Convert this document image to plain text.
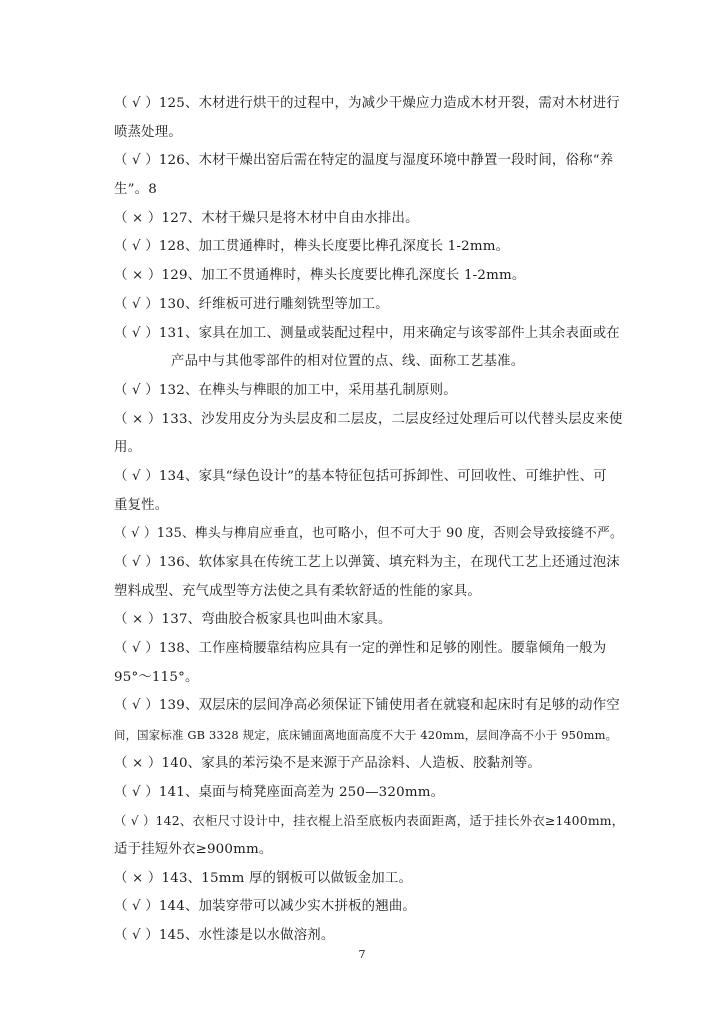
（ √ ）125、木材进行烘干的过程中，为减少干燥应力造成木材开裂，需对木材进行
喷蒸处理。
（ √ ）126、木材干燥出窑后需在特定的温度与湿度环境中静置一段时间，俗称“养
生”。8
（ × ）127、木材干燥只是将木材中自由水排出。
（ √ ）128、加工贯通榫时，榫头长度要比榫孔深度长 1-2mm。
（ × ）129、加工不贯通榫时，榫头长度要比榫孔深度长 1-2mm。
（ √ ）130、纤维板可进行雕刻铣型等加工。
（ √ ）131、家具在加工、测量或装配过程中，用来确定与该零部件上其余表面或在
产品中与其他零部件的相对位置的点、线、面称工艺基准。
（ √ ）132、在榫头与榫眼的加工中，采用基孔制原则。
（ × ）133、沙发用皮分为头层皮和二层皮，二层皮经过处理后可以代替头层皮来使
用。
（ √ ）134、家具“绿色设计”的基本特征包括可拆卸性、可回收性、可维护性、可
重复性。
（ √ ）135、榫头与榫肩应垂直，也可略小，但不可大于 90 度，否则会导致接缝不严。
（ √ ）136、软体家具在传统工艺上以弹簧、填充料为主，在现代工艺上还通过泡沫
塑料成型、充气成型等方法使之具有柔软舒适的性能的家具。
（ × ）137、弯曲胶合板家具也叫曲木家具。
（ √ ）138、工作座椅腰靠结构应具有一定的弹性和足够的刚性。腰靠倾角一般为
95°～115°。
（ √ ）139、双层床的层间净高必须保证下铺使用者在就寝和起床时有足够的动作空
间，国家标准 GB 3328 规定，底床铺面离地面高度不大于 420mm，层间净高不小于 950mm。
（ × ）140、家具的苯污染不是来源于产品涂料、人造板、胶黏剂等。
（ √ ）141、桌面与椅凳座面高差为 250—320mm。
（ √ ）142、衣柜尺寸设计中，挂衣棍上沿至底板内表面距离，适于挂长外衣≥1400mm，
适于挂短外衣≥900mm。
（ × ）143、15mm 厚的钢板可以做钣金加工。
（ √ ）144、加装穿带可以减少实木拼板的翘曲。
（ √ ）145、水性漆是以水做溶剂。
7
